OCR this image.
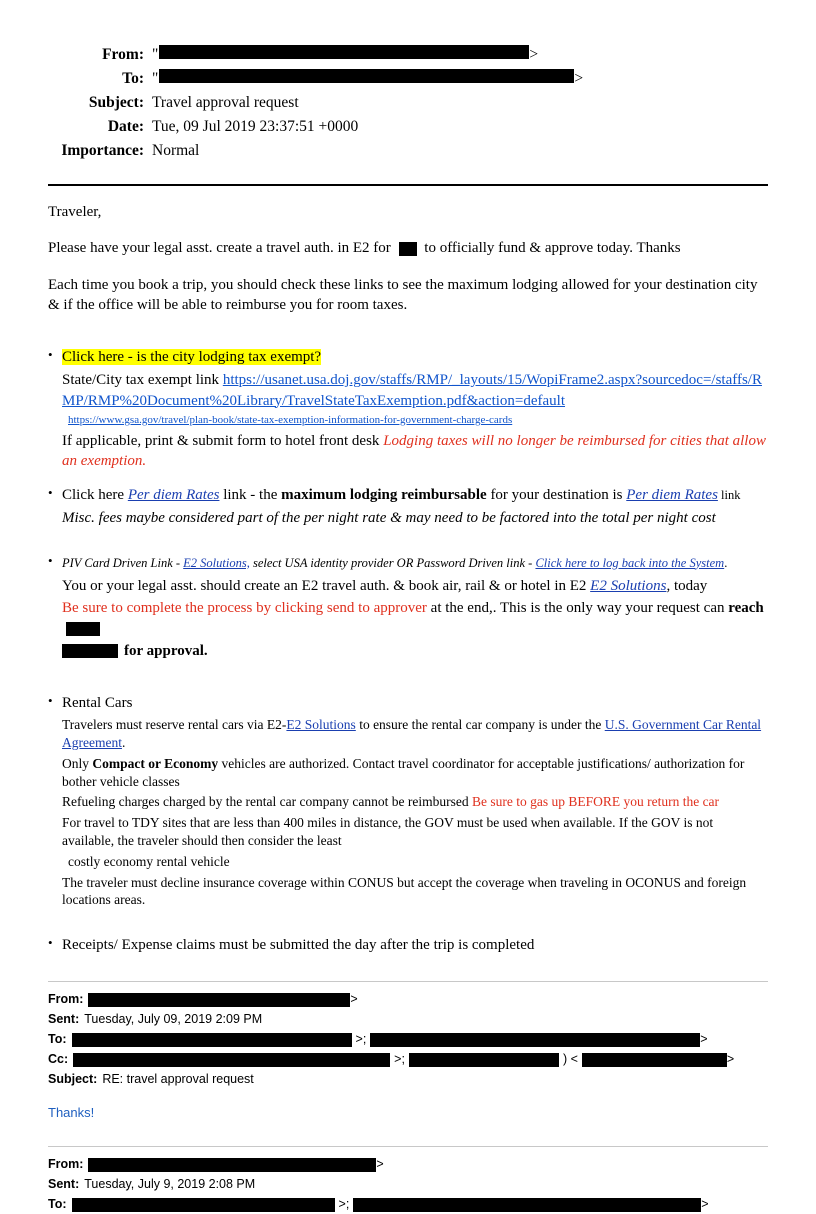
From: "	>
To: "	>
Subject: Travel approval request
Date: Tue, 09 Jul 2019 23:37:51 +0000
Importance: Normal

Traveler,

Please have your legal asst. create a travel auth. in E2 for to officially fund & approve today. Thanks

Each time you book a trip, you should check these links to see the maximum lodging allowed for your destination city & if the office will be able to reimburse you for room taxes.

• Click here - is the city lodging tax exempt?
State/City tax exempt link https://usanet.usa.doj.gov/staffs/RMP/_layouts/15/WopiFrame2.aspx?sourcedoc=/staffs/RMP/RMP%20Document%20Library/TravelStateTaxExemption.pdf&action=default
https://www.gsa.gov/travel/plan-book/state-tax-exemption-information-for-government-charge-cards
If applicable, print & submit form to hotel front desk Lodging taxes will no longer be reimbursed for cities that allow an exemption.
• Click here Per diem Rates link - the maximum lodging reimbursable for your destination is Per diem Rates link
Misc. fees maybe considered part of the per night rate & may need to be factored into the total per night cost
• PIV Card Driven Link - E2 Solutions, select USA identity provider OR Password Driven link - Click here to log back into the System.
You or your legal asst. should create an E2 travel auth. & book air, rail & or hotel in E2 E2 Solutions, today
Be sure to complete the process by clicking send to approver at the end,. This is the only way your request can reach
for approval.
• Rental Cars
Travelers must reserve rental cars via E2-E2 Solutions to ensure the rental car company is under the U.S. Government Car Rental Agreement.
Only Compact or Economy vehicles are authorized. Contact travel coordinator for acceptable justifications/ authorization for bother vehicle classes
Refueling charges charged by the rental car company cannot be reimbursed Be sure to gas up BEFORE you return the car
For travel to TDY sites that are less than 400 miles in distance, the GOV must be used when available. If the GOV is not available, the traveler should then consider the least
costly economy rental vehicle
The traveler must decline insurance coverage within CONUS but accept the coverage when traveling in OCONUS and foreign locations areas.
• Receipts/ Expense claims must be submitted the day after the trip is completed
From:	>
Sent: Tuesday, July 09, 2019 2:09 PM
To:	>;	>
Cc:	>;	) <	>
Subject: RE: travel approval request
Thanks!
From:	>
Sent: Tuesday, July 9, 2019 2:08 PM
To:	>;	>
